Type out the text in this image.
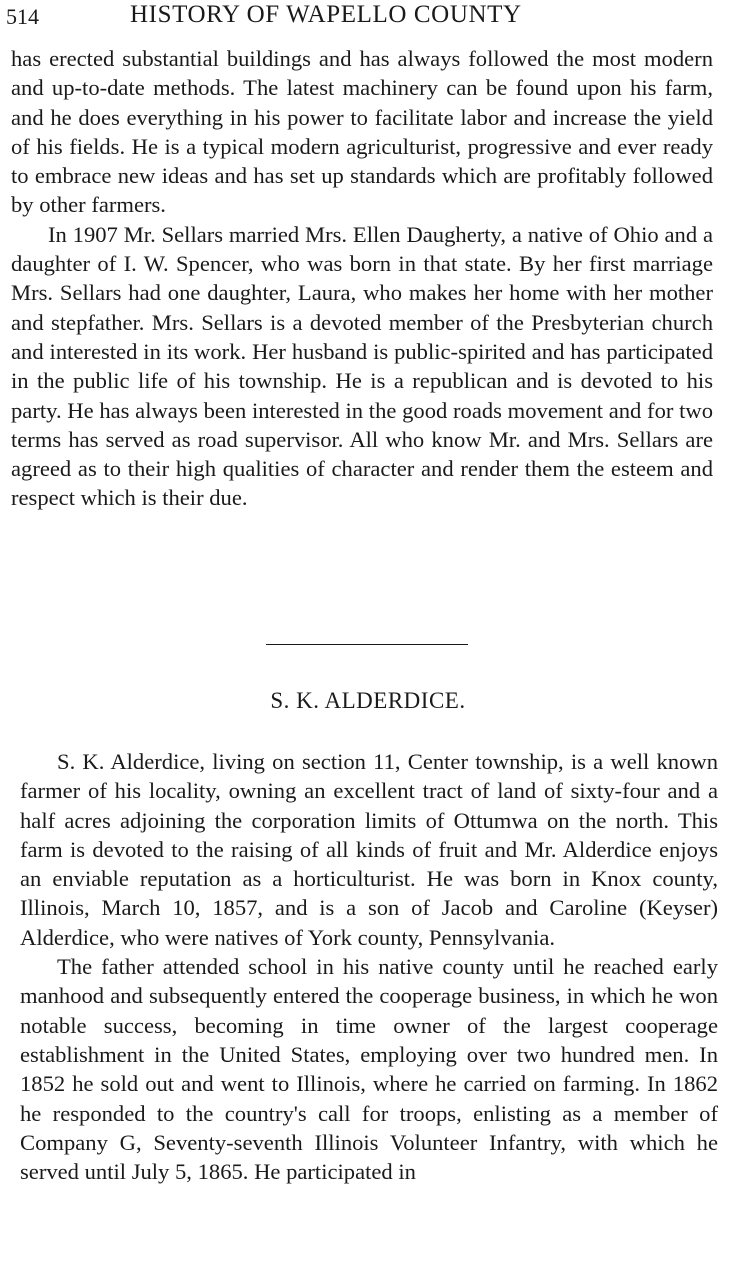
514	HISTORY OF WAPELLO COUNTY

has erected substantial buildings and has always followed the most modern and up-to-date methods. The latest machinery can be found upon his farm, and he does everything in his power to facilitate labor and increase the yield of his fields. He is a typical modern agriculturist, progressive and ever ready to embrace new ideas and has set up standards which are profitably followed by other farmers.

In 1907 Mr. Sellars married Mrs. Ellen Daugherty, a native of Ohio and a daughter of I. W. Spencer, who was born in that state. By her first marriage Mrs. Sellars had one daughter, Laura, who makes her home with her mother and stepfather. Mrs. Sellars is a devoted member of the Presbyterian church and interested in its work. Her husband is public-spirited and has participated in the public life of his township. He is a republican and is devoted to his party. He has always been interested in the good roads movement and for two terms has served as road supervisor. All who know Mr. and Mrs. Sellars are agreed as to their high qualities of character and render them the esteem and respect which is their due.

S. K. ALDERDICE.

S. K. Alderdice, living on section 11, Center township, is a well known farmer of his locality, owning an excellent tract of land of sixty-four and a half acres adjoining the corporation limits of Ottumwa on the north. This farm is devoted to the raising of all kinds of fruit and Mr. Alderdice enjoys an enviable reputation as a horticulturist. He was born in Knox county, Illinois, March 10, 1857, and is a son of Jacob and Caroline (Keyser) Alderdice, who were natives of York county, Pennsylvania.

The father attended school in his native county until he reached early manhood and subsequently entered the cooperage business, in which he won notable success, becoming in time owner of the largest cooperage establishment in the United States, employing over two hundred men. In 1852 he sold out and went to Illinois, where he carried on farming. In 1862 he responded to the country's call for troops, enlisting as a member of Company G, Seventy-seventh Illinois Volunteer Infantry, with which he served until July 5, 1865. He participated in
